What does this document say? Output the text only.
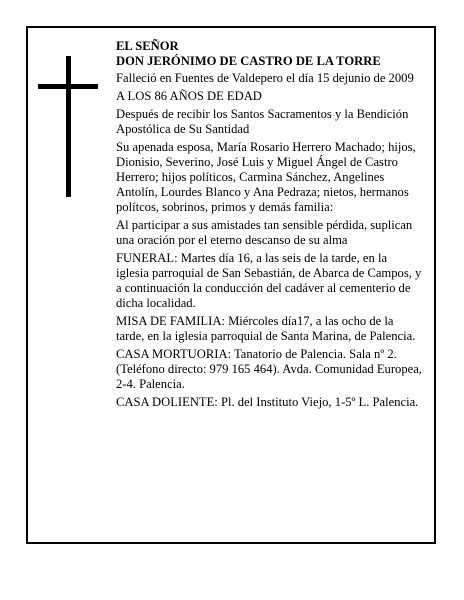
EL SEÑOR

DON JERÓNIMO DE CASTRO DE LA TORRE

Falleció en Fuentes de Valdepero el día 15 dejunio de 2009

A LOS 86 AÑOS DE EDAD

Después de recibir los Santos Sacramentos y la Bendición Apostólica de Su Santidad

Su apenada esposa, María Rosario Herrero Machado; hijos, Dionisio, Severino, José Luis y Miguel Ángel de Castro Herrero; hijos políticos, Carmina Sánchez, Angelines Antolín, Lourdes Blanco y Ana Pedraza; nietos, hermanos polítcos, sobrinos, primos y demás familia:

Al participar a sus amistades tan sensible pérdida, suplican una oración por el eterno descanso de su alma

FUNERAL: Martes día 16, a las seis de la tarde, en la iglesia parroquial de San Sebastián, de Abarca de Campos, y a continuación la conducción del cadáver al cementerio de dicha localidad.

MISA DE FAMILIA: Miércoles día17, a las ocho de la tarde, en la iglesia parroquial de Santa Marina, de Palencia.

CASA MORTUORIA: Tanatorio de Palencia. Sala nº 2. (Teléfono directo: 979 165 464). Avda. Comunidad Europea, 2-4. Palencia.

CASA DOLIENTE: Pl. del Instituto Viejo, 1-5º L. Palencia.
